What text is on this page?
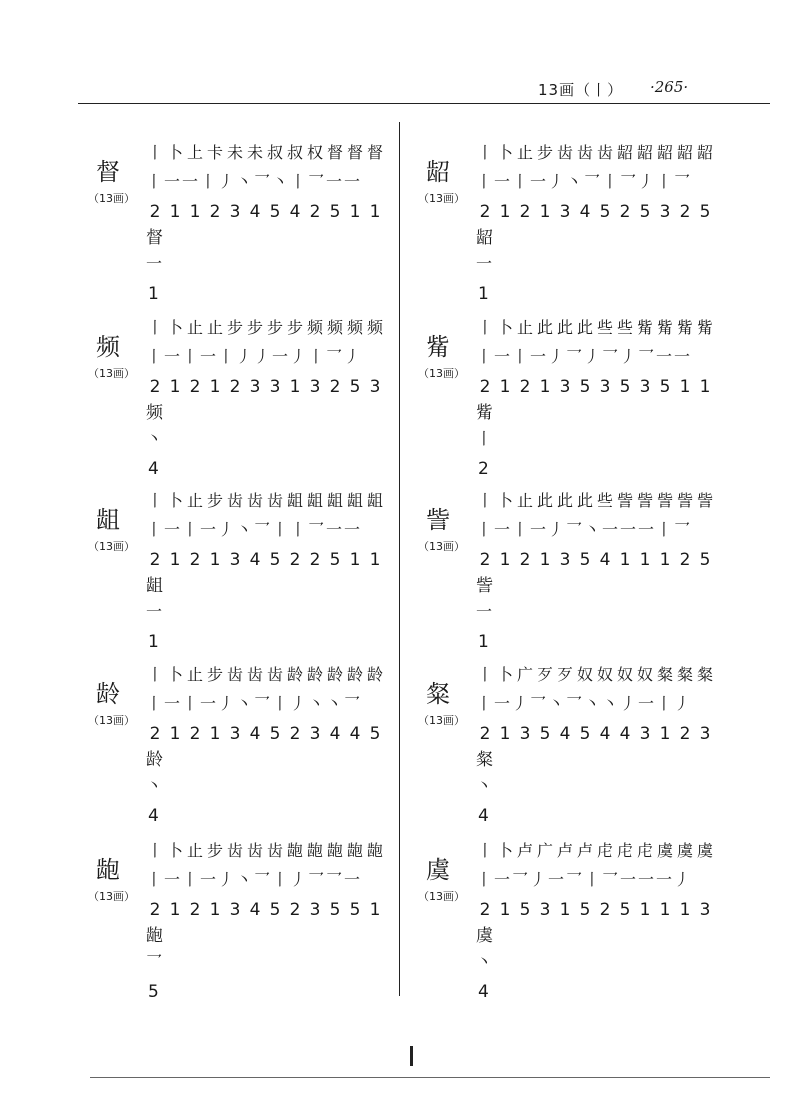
13画（丨） ·265·
督
（13画）
丨 卜 上 卡 未 未 叔 叔 权 督 督 督
丨一一丨丿丶乛丶丨乛一一
2 1 1 2 3 4 5 4 2 5 1 1
督
一
1
龆
（13画）
丨 卜 止 步 齿 齿 齿 龆 龆 龆 龆 龆
丨一丨一丿丶乛丨乛丿丨乛
2 1 2 1 3 4 5 2 5 3 2 5
龆
一
1
频
（13画）
丨 卜 止 止 步 步 步 步 频 频 频 频
丨一丨一丨丿丿一丿丨乛丿
2 1 2 1 2 3 3 1 3 2 5 3
频
丶
4
觜
（13画）
丨 卜 止 此 此 此 些 些 觜 觜 觜 觜
丨一丨一丿乛丿乛丿乛一一
2 1 2 1 3 5 3 5 3 5 1 1
觜
丨
2
龃
（13画）
丨 卜 止 步 齿 齿 齿 龃 龃 龃 龃 龃
丨一丨一丿丶乛丨丨乛一一
2 1 2 1 3 4 5 2 2 5 1 1
龃
一
1
訾
（13画）
丨 卜 止 此 此 此 些 訾 訾 訾 訾 訾
丨一丨一丿乛丶一一一丨乛
2 1 2 1 3 5 4 1 1 1 2 5
訾
一
1
龄
（13画）
丨 卜 止 步 齿 齿 齿 龄 龄 龄 龄 龄
丨一丨一丿丶乛丨丿丶丶乛
2 1 2 1 3 4 5 2 3 4 4 5
龄
丶
4
粲
（13画）
丨 卜 广 歹 歹 奴 奴 奴 奴 粲 粲 粲
丨一丿乛丶乛丶丶丿一丨丿
2 1 3 5 4 5 4 4 3 1 2 3
粲
丶
4
龅
（13画）
丨 卜 止 步 齿 齿 齿 龅 龅 龅 龅 龅
丨一丨一丿丶乛丨丿乛乛一
2 1 2 1 3 4 5 2 3 5 5 1
龅
乛
5
虞
（13画）
丨 卜 卢 广 卢 卢 虍 虍 虍 虞 虞 虞
丨一乛丿一乛丨乛一一一丿
2 1 5 3 1 5 2 5 1 1 1 3
虞
丶
4
